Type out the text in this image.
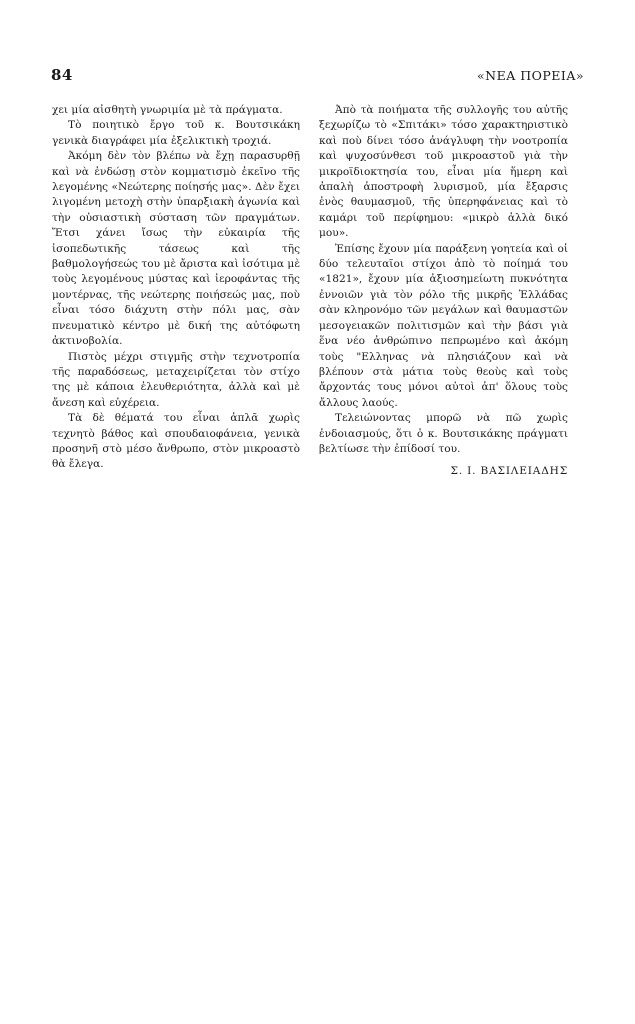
84	«ΝΕΑ ΠΟΡΕΙΑ»

χει μία αἰσθητὴ γνωριμία μὲ τὰ πράγματα.

Τὸ ποιητικὸ ἔργο τοῦ κ. Βουτσικάκη γενικὰ διαγράφει μία ἐξελικτικὴ τροχιά.

Ἀκόμη δὲν τὸν βλέπω νὰ ἔχῃ παρασυρθῇ καὶ νὰ ἐνδώσῃ στὸν κομματισμὸ ἐκεῖνο τῆς λεγομένης «Νεώτερης ποίησής μας». Δὲν ἔχει λιγομένη μετοχὴ στὴν ὑπαρξιακὴ ἀγωνία καὶ τὴν οὐσιαστικὴ σύσταση τῶν πραγμάτων. Ἔτσι χάνει ἴσως τὴν εὐκαιρία τῆς ἰσοπεδωτικῆς τάσεως καὶ τῆς βαθμολογήσεώς του μὲ ἄριστα καὶ ἰσότιμα μὲ τοὺς λεγομένους μύστας καὶ ἱεροφάντας τῆς μοντέρνας, τῆς νεώτερης ποιήσεώς μας, ποὺ εἶναι τόσο διάχυτη στὴν πόλι μας, σὰν πνευματικὸ κέντρο μὲ δική της αὐτόφωτη ἀκτινοβολία.

Πιστὸς μέχρι στιγμῆς στὴν τεχνοτροπία τῆς παραδόσεως, μεταχειρίζεται τὸν στίχο της μὲ κάποια ἐλευθεριότητα, ἀλλὰ καὶ μὲ ἄνεση καὶ εὐχέρεια.

Τὰ δὲ θέματά του εἶναι ἁπλᾶ χωρὶς τεχνητὸ βάθος καὶ σπουδαιοφάνεια, γενικὰ προσηνῆ στὸ μέσο ἄνθρωπο, στὸν μικροαστὸ θὰ ἔλεγα.

Ἀπὸ τὰ ποιήματα τῆς συλλογῆς του αὐτῆς ξεχωρίζω τὸ «Σπιτάκι» τόσο χαρακτηριστικὸ καὶ ποὺ δίνει τόσο ἀνάγλυφη τὴν νοοτροπία καὶ ψυχοσύνθεσι τοῦ μικροαστοῦ γιὰ τὴν μικροϊδιοκτησία του, εἶναι μία ἥμερη καὶ ἁπαλὴ ἀποστροφὴ λυρισμοῦ, μία ἔξαρσις ἑνὸς θαυμασμοῦ, τῆς ὑπερηφάνειας καὶ τὸ καμάρι τοῦ περίφημου: «μικρὸ ἀλλὰ δικό μου».

Ἐπίσης ἔχουν μία παράξενη γοητεία καὶ οἱ δύο τελευταῖοι στίχοι ἀπὸ τὸ ποίημά του «1821», ἔχουν μία ἀξιοσημείωτη πυκνότητα ἐννοιῶν γιὰ τὸν ρόλο τῆς μικρῆς Ἑλλάδας σὰν κληρονόμο τῶν μεγάλων καὶ θαυμαστῶν μεσογειακῶν πολιτισμῶν καὶ τὴν βάσι γιὰ ἕνα νέο ἀνθρώπινο πεπρωμένο καὶ ἀκόμη τοὺς "Ελληνας νὰ πλησιάζουν καὶ νὰ βλέπουν στὰ μάτια τοὺς θεοὺς καὶ τοὺς ἄρχοντάς τους μόνοι αὐτοὶ ἀπ' ὅλους τοὺς ἄλλους λαούς.

Τελειώνοντας μπορῶ νὰ πῶ χωρὶς ἐνδοιασμούς, ὅτι ὁ κ. Βουτσικάκης πράγματι βελτίωσε τὴν ἐπίδοσί του.

Σ. Ι. ΒΑΣΙΛΕΙΑΔΗΣ
